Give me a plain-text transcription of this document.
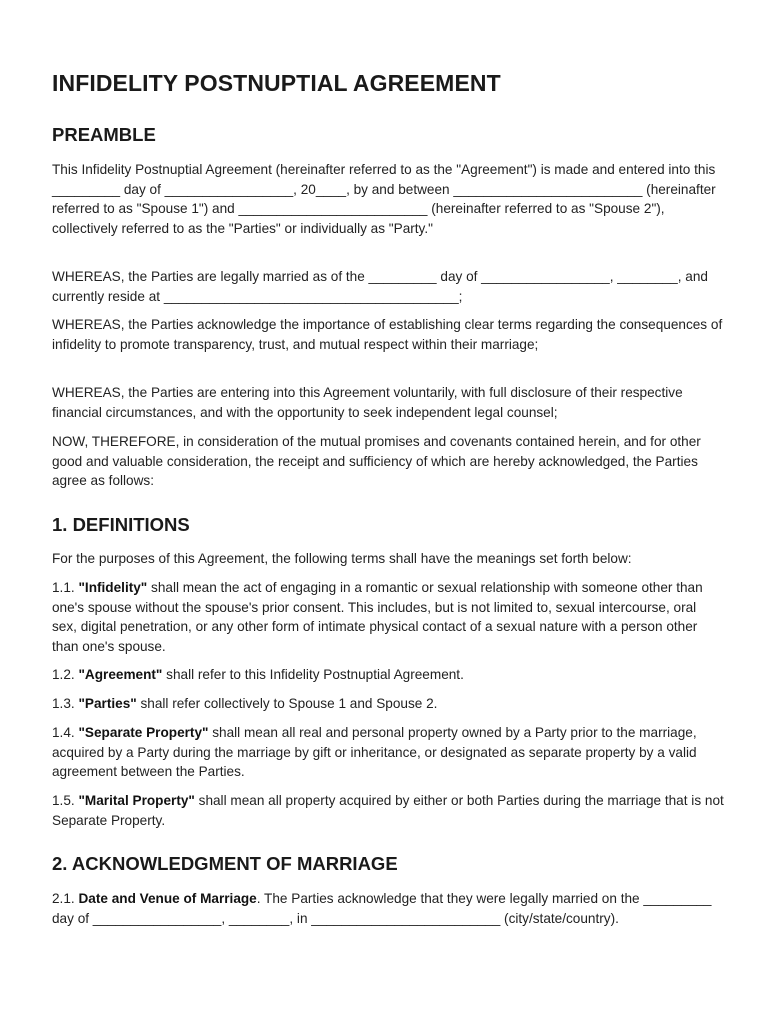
INFIDELITY POSTNUPTIAL AGREEMENT
PREAMBLE

This Infidelity Postnuptial Agreement (hereinafter referred to as the "Agreement") is made and entered into this _________ day of _________________, 20____, by and between _________________________ (hereinafter referred to as "Spouse 1") and _________________________ (hereinafter referred to as "Spouse 2"), collectively referred to as the "Parties" or individually as "Party."

WHEREAS, the Parties are legally married as of the _________ day of _________________, ________, and currently reside at _______________________________________;

WHEREAS, the Parties acknowledge the importance of establishing clear terms regarding the consequences of infidelity to promote transparency, trust, and mutual respect within their marriage;

WHEREAS, the Parties are entering into this Agreement voluntarily, with full disclosure of their respective financial circumstances, and with the opportunity to seek independent legal counsel;

NOW, THEREFORE, in consideration of the mutual promises and covenants contained herein, and for other good and valuable consideration, the receipt and sufficiency of which are hereby acknowledged, the Parties agree as follows:

1. DEFINITIONS

For the purposes of this Agreement, the following terms shall have the meanings set forth below:

1.1. "Infidelity" shall mean the act of engaging in a romantic or sexual relationship with someone other than one's spouse without the spouse's prior consent. This includes, but is not limited to, sexual intercourse, oral sex, digital penetration, or any other form of intimate physical contact of a sexual nature with a person other than one's spouse.

1.2. "Agreement" shall refer to this Infidelity Postnuptial Agreement.

1.3. "Parties" shall refer collectively to Spouse 1 and Spouse 2.

1.4. "Separate Property" shall mean all real and personal property owned by a Party prior to the marriage, acquired by a Party during the marriage by gift or inheritance, or designated as separate property by a valid agreement between the Parties.

1.5. "Marital Property" shall mean all property acquired by either or both Parties during the marriage that is not Separate Property.

2. ACKNOWLEDGMENT OF MARRIAGE

2.1. Date and Venue of Marriage. The Parties acknowledge that they were legally married on the _________ day of _________________, ________, in _________________________ (city/state/country).
